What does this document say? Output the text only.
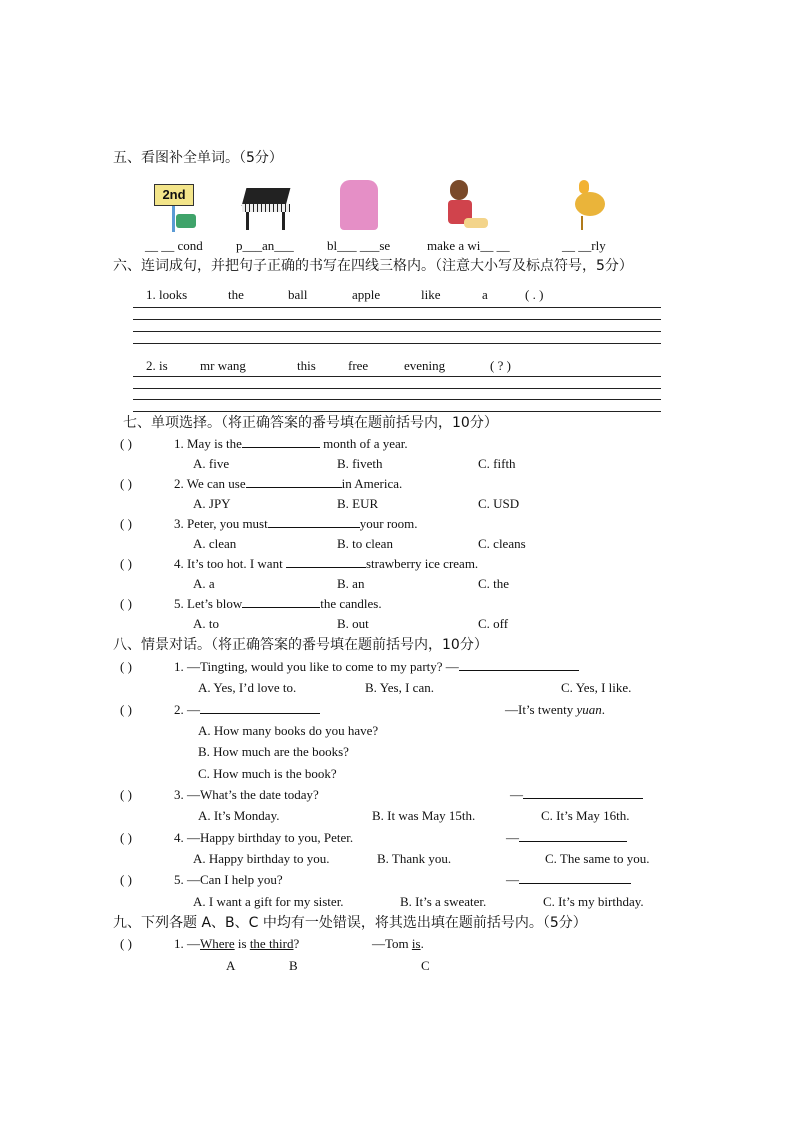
五、看图补全单词。（5分）
2nd
__ __ cond	p___an___	bl___ ___se	make a wi__ __	__ __rly
六、连词成句，并把句子正确的书写在四线三格内。（注意大小写及标点符号，5分）
1. looks	the	ball	apple	like	a	( . )
2. is mr wang	this free	evening	( ? )
七、单项选择。（将正确答案的番号填在题前括号内，10分）
( )	1. May is the	month of a year.
A. five	B. fiveth	C. fifth
( )	2. We can use	in America.
A. JPY	B. EUR	C. USD
( )	3. Peter, you must	your room.
A. clean	B. to clean	C. cleans
( )	4. It’s too hot. I want	strawberry ice cream.
A. a	B. an	C. the
( )	5. Let’s blow	the candles.
A. to	B. out	C. off
八、情景对话。（将正确答案的番号填在题前括号内，10分）
( )	1. —Tingting, would you like to come to my party? —
A. Yes, I’d love to.	B. Yes, I can.	C. Yes, I like.
( )	2. —	—It’s twenty yuan.
A. How many books do you have?
B. How much are the books?
C. How much is the book?
( )	3. —What’s the date today?	—
A. It’s Monday.	B. It was May 15th.	C. It’s May 16th.
( )	4. —Happy birthday to you, Peter.	—
A. Happy birthday to you.	B. Thank you.	C. The same to you.
( )	5. —Can I help you?	—
A. I want a gift for my sister.	B. It’s a sweater.	C. It’s my birthday.
九、下列各题 A、B、C 中均有一处错误，将其选出填在题前括号内。（5分）
( )	1. —Where is the third?	—Tom is.
A	B	C
